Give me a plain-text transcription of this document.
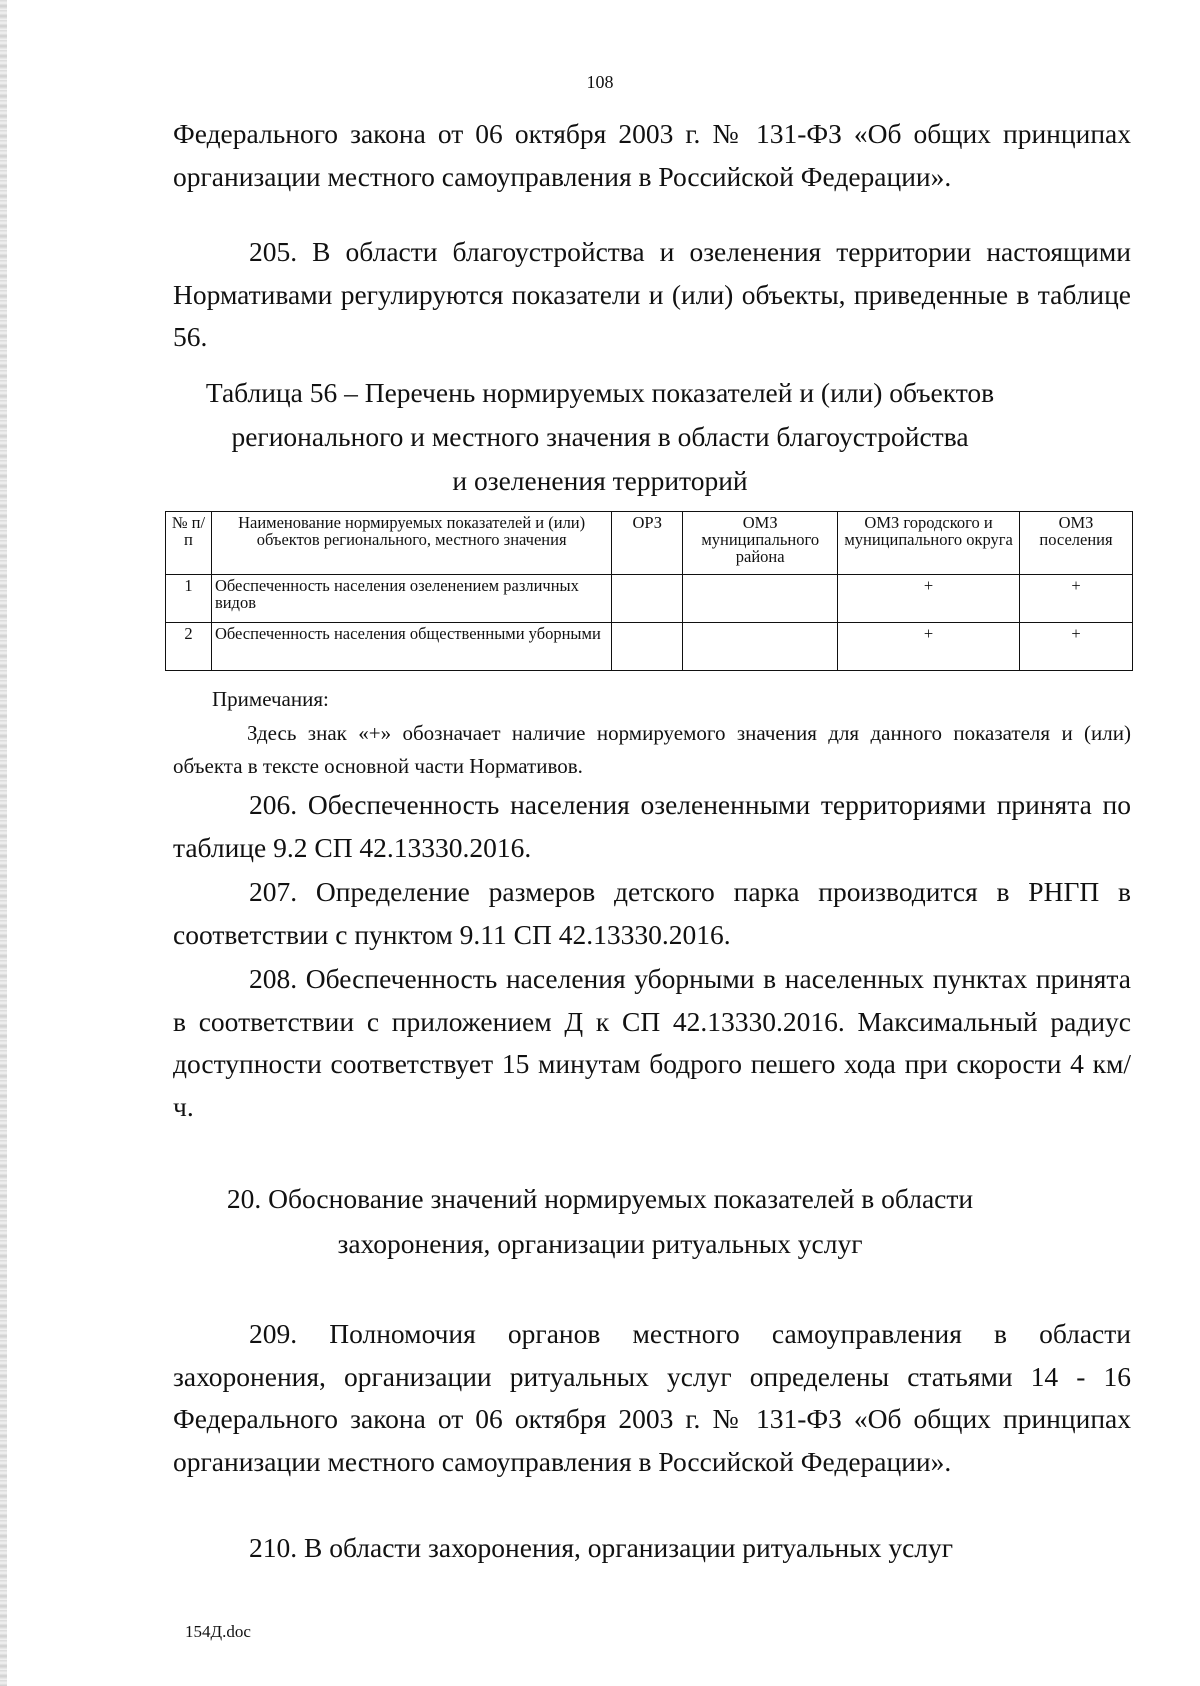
108

Федерального закона от 06 октября 2003 г. № 131-ФЗ «Об общих принципах организации местного самоуправления в Российской Федерации».

205. В области благоустройства и озеленения территории настоящими Нормативами регулируются показатели и (или) объекты, приведенные в таблице 56.

Таблица 56 – Перечень нормируемых показателей и (или) объектов

регионального и местного значения в области благоустройства

и озеленения территорий

№ п/п	Наименование нормируемых показателей и (или) объектов регионального, местного значения	ОРЗ	ОМЗ муниципального района	ОМЗ городского и муниципального округа	ОМЗ поселения
1	Обеспеченность населения озеленением различных видов			+	+
2	Обеспеченность населения общественными уборными			+	+

Примечания:

Здесь знак «+» обозначает наличие нормируемого значения для данного показателя и (или) объекта в тексте основной части Нормативов.

206. Обеспеченность населения озелененными территориями принята по таблице 9.2 СП 42.13330.2016.

207. Определение размеров детского парка производится в РНГП в соответствии с пунктом 9.11 СП 42.13330.2016.

208. Обеспеченность населения уборными в населенных пунктах принята в соответствии с приложением Д к СП 42.13330.2016. Максимальный радиус доступности соответствует 15 минутам бодрого пешего хода при скорости 4 км/ч.

20. Обоснование значений нормируемых показателей в области

захоронения, организации ритуальных услуг

209. Полномочия органов местного самоуправления в области захоронения, организации ритуальных услуг определены статьями 14 - 16 Федерального закона от 06 октября 2003 г. № 131-ФЗ «Об общих принципах организации местного самоуправления в Российской Федерации».

210. В области захоронения, организации ритуальных услуг

154Д.doc
